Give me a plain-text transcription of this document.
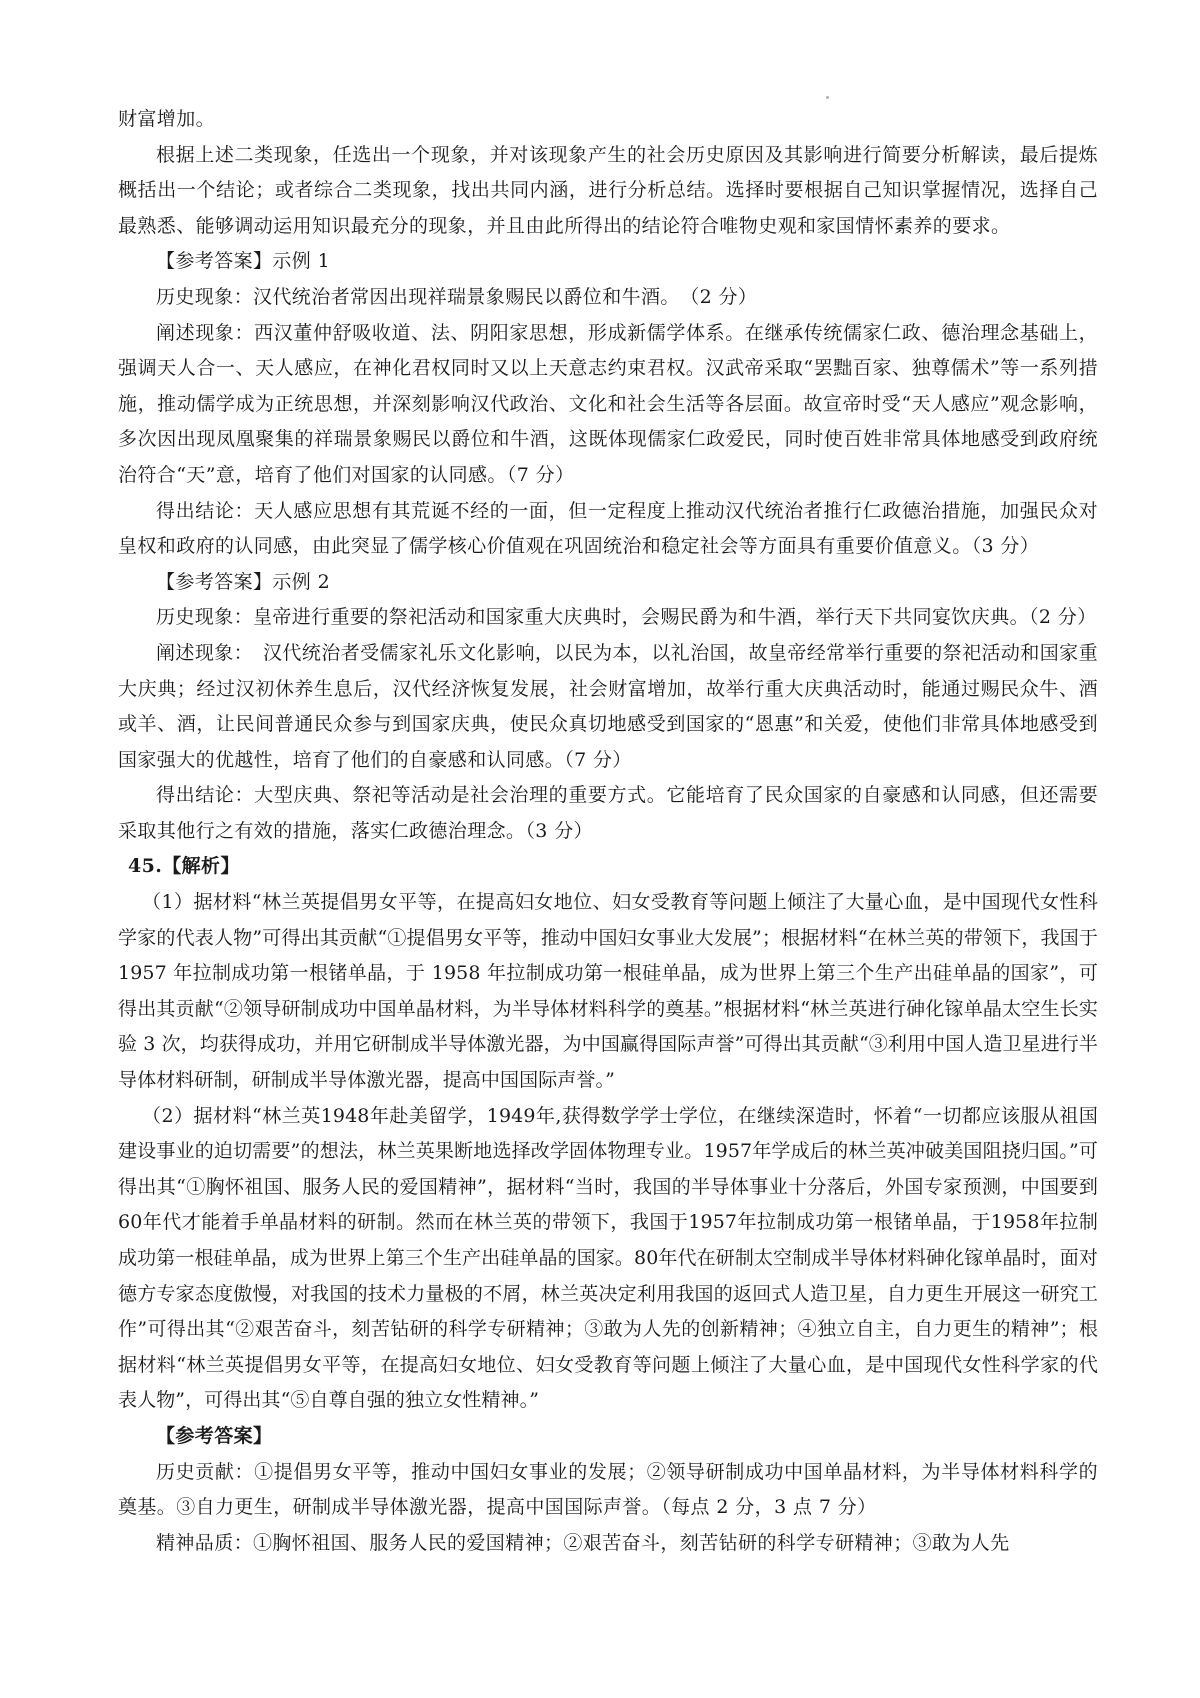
财富增加。

根据上述二类现象，任选出一个现象，并对该现象产生的社会历史原因及其影响进行简要分析解读，最后提炼概括出一个结论；或者综合二类现象，找出共同内涵，进行分析总结。选择时要根据自己知识掌握情况，选择自己最熟悉、能够调动运用知识最充分的现象，并且由此所得出的结论符合唯物史观和家国情怀素养的要求。

【参考答案】示例 1

历史现象：汉代统治者常因出现祥瑞景象赐民以爵位和牛酒。　（2 分）

阐述现象：西汉董仲舒吸收道、法、阴阳家思想，形成新儒学体系。在继承传统儒家仁政、德治理念基础上，强调天人合一、天人感应，在神化君权同时又以上天意志约束君权。汉武帝采取“罢黜百家、独尊儒术”等一系列措施，推动儒学成为正统思想，并深刻影响汉代政治、文化和社会生活等各层面。故宣帝时受“天人感应”观念影响，多次因出现凤凰聚集的祥瑞景象赐民以爵位和牛酒，这既体现儒家仁政爱民，同时使百姓非常具体地感受到政府统治符合“天”意，培育了他们对国家的认同感。（7 分）

得出结论：天人感应思想有其荒诞不经的一面，但一定程度上推动汉代统治者推行仁政德治措施，加强民众对皇权和政府的认同感，由此突显了儒学核心价值观在巩固统治和稳定社会等方面具有重要价值意义。（3 分）

【参考答案】示例 2

历史现象：皇帝进行重要的祭祀活动和国家重大庆典时，会赐民爵为和牛酒，举行天下共同宴饮庆典。（2 分）

阐述现象：　汉代统治者受儒家礼乐文化影响，以民为本，以礼治国，故皇帝经常举行重要的祭祀活动和国家重大庆典；经过汉初休养生息后，汉代经济恢复发展，社会财富增加，故举行重大庆典活动时，能通过赐民众牛、酒或羊、酒，让民间普通民众参与到国家庆典，使民众真切地感受到国家的“恩惠”和关爱，使他们非常具体地感受到国家强大的优越性，培育了他们的自豪感和认同感。（7 分）

得出结论：大型庆典、祭祀等活动是社会治理的重要方式。它能培育了民众国家的自豪感和认同感，但还需要采取其他行之有效的措施，落实仁政德治理念。（3 分）

45.【解析】

（1）据材料“林兰英提倡男女平等，在提高妇女地位、妇女受教育等问题上倾注了大量心血，是中国现代女性科学家的代表人物”可得出其贡献“①提倡男女平等，推动中国妇女事业大发展”；根据材料“在林兰英的带领下，我国于 1957 年拉制成功第一根锗单晶，于 1958 年拉制成功第一根硅单晶，成为世界上第三个生产出硅单晶的国家”，可得出其贡献“②领导研制成功中国单晶材料，为半导体材料科学的奠基。”根据材料“林兰英进行砷化镓单晶太空生长实验 3 次，均获得成功，并用它研制成半导体激光器，为中国赢得国际声誉”可得出其贡献“③利用中国人造卫星进行半导体材料研制，研制成半导体激光器，提高中国国际声誉。”

（2）据材料“林兰英1948年赴美留学，1949年,获得数学学士学位，在继续深造时，怀着“一切都应该服从祖国建设事业的迫切需要”的想法，林兰英果断地选择改学固体物理专业。1957年学成后的林兰英冲破美国阻挠归国。”可得出其“①胸怀祖国、服务人民的爱国精神”，据材料“当时，我国的半导体事业十分落后，外国专家预测，中国要到60年代才能着手单晶材料的研制。然而在林兰英的带领下，我国于1957年拉制成功第一根锗单晶，于1958年拉制成功第一根硅单晶，成为世界上第三个生产出硅单晶的国家。80年代在研制太空制成半导体材料砷化镓单晶时，面对德方专家态度傲慢，对我国的技术力量极的不屑，林兰英决定利用我国的返回式人造卫星，自力更生开展这一研究工作”可得出其“②艰苦奋斗，刻苦钻研的科学专研精神；③敢为人先的创新精神；④独立自主，自力更生的精神”；根据材料“林兰英提倡男女平等，在提高妇女地位、妇女受教育等问题上倾注了大量心血，是中国现代女性科学家的代表人物”，可得出其“⑤自尊自强的独立女性精神。”

【参考答案】

历史贡献：①提倡男女平等，推动中国妇女事业的发展；②领导研制成功中国单晶材料，为半导体材料科学的奠基。③自力更生，研制成半导体激光器，提高中国国际声誉。（每点 2 分，3 点 7 分）

精神品质：①胸怀祖国、服务人民的爱国精神；②艰苦奋斗，刻苦钻研的科学专研精神；③敢为人先
